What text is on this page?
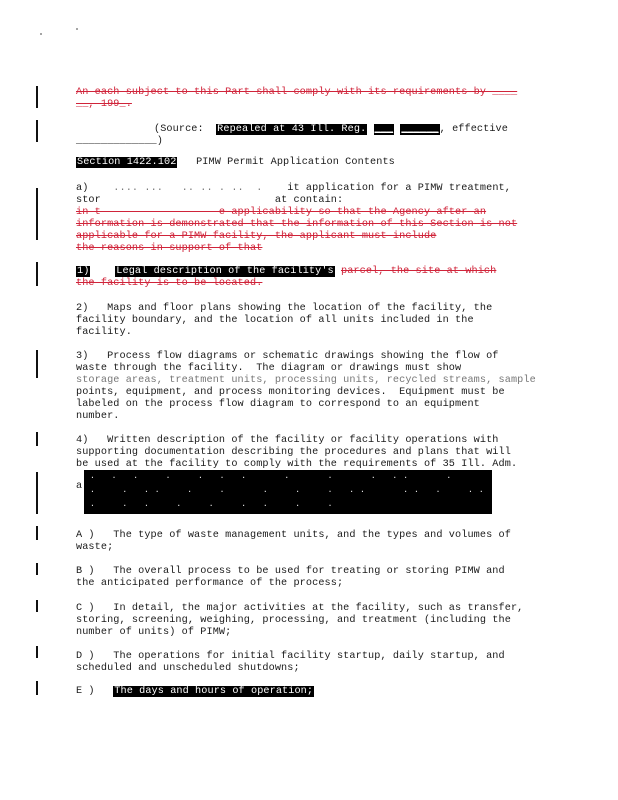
An each subject to this Part shall comply with its requirements by ____
__, 199_.
(Source: Repealed at 43 Ill. Reg. ___ ______, effective
_____________)
Section 1422.102 PIMW Permit Application Contents
a)    .... ...   .. .. . ..  . it application for a PIMW treatment,
stor	at contain:
in t                   e applicability so that the Agency after an
information is demonstrated that the information of this Section is not
applicable for a PIMW facility, the applicant must include
the reasons in support of that
1)	Legal description of the facility's parcel, the site at which
the facility is to be located.
2)   Maps and floor plans showing the location of the facility, the
facility boundary, and the location of all units included in the
facility.
3)   Process flow diagrams or schematic drawings showing the flow of
waste through the facility.  The diagram or drawings must show
storage areas, treatment units, processing units, recycled streams, sample
points, equipment, and process monitoring devices.  Equipment must be
labeled on the process flow diagram to correspond to an equipment
number.
4)   Written description of the facility or facility operations with
supporting documentation describing the procedures and plans that will
be used at the facility to comply with the requirements of 35 Ill. Adm.
a
. . .  .  . . .   .   .   . ..   .
.  . ..  .  .   .  .  . ..   .. .  ..
.  . .  .  .  . .  .  .
A )   The type of waste management units, and the types and volumes of
waste;
B )   The overall process to be used for treating or storing PIMW and
the anticipated performance of the process;
C )   In detail, the major activities at the facility, such as transfer,
storing, screening, weighing, processing, and treatment (including the
number of units) of PIMW;
D )   The operations for initial facility startup, daily startup, and
scheduled and unscheduled shutdowns;
E ) The days and hours of operation;
